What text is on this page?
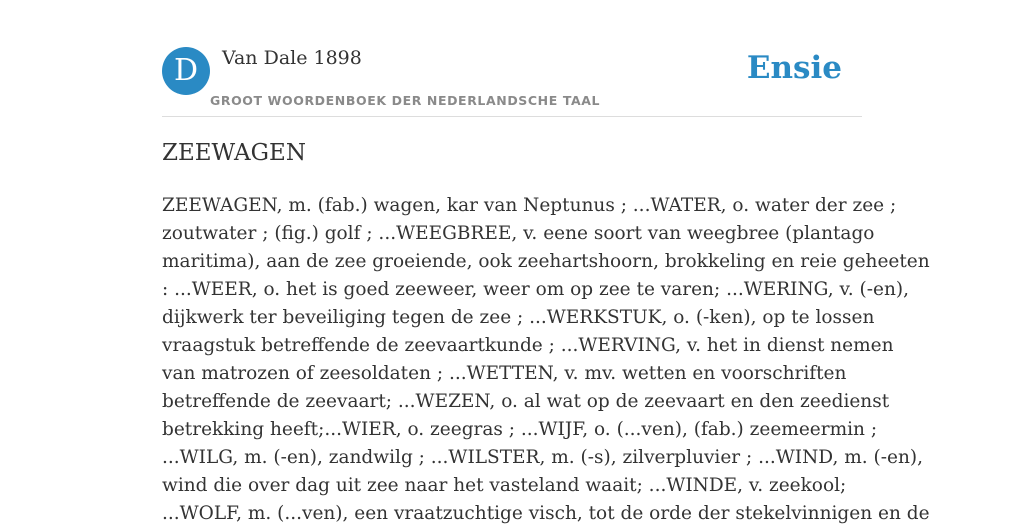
D	Van Dale 1898
GROOT WOORDENBOEK DER NEDERLANDSCHE TAAL
Ensie
ZEEWAGEN
ZEEWAGEN, m. (fab.) wagen, kar van Neptunus ; ...WATER, o. water der zee ;
zoutwater ; (fig.) golf ; ...WEEGBREE, v. eene soort van weegbree (plantago
maritima), aan de zee groeiende, ook zeehartshoorn, brokkeling en reie geheeten
: ...WEER, o. het is goed zeeweer, weer om op zee te varen; ...WERING, v. (-en),
dijkwerk ter beveiliging tegen de zee ; ...WERKSTUK, o. (-ken), op te lossen
vraagstuk betreffende de zeevaartkunde ; ...WERVING, v. het in dienst nemen
van matrozen of zeesoldaten ; ...WETTEN, v. mv. wetten en voorschriften
betreffende de zeevaart; ...WEZEN, o. al wat op de zeevaart en den zeedienst
betrekking heeft;...WIER, o. zeegras ; ...WIJF, o. (...ven), (fab.) zeemeermin ;
...WILG, m. (-en), zandwilg ; ...WILSTER, m. (-s), zilverpluvier ; ...WIND, m. (-en),
wind die over dag uit zee naar het vasteland waait; ...WINDE, v. zeekool;
...WOLF, m. (...ven), een vraatzuchtige visch, tot de orde der stekelvinnigen en de
